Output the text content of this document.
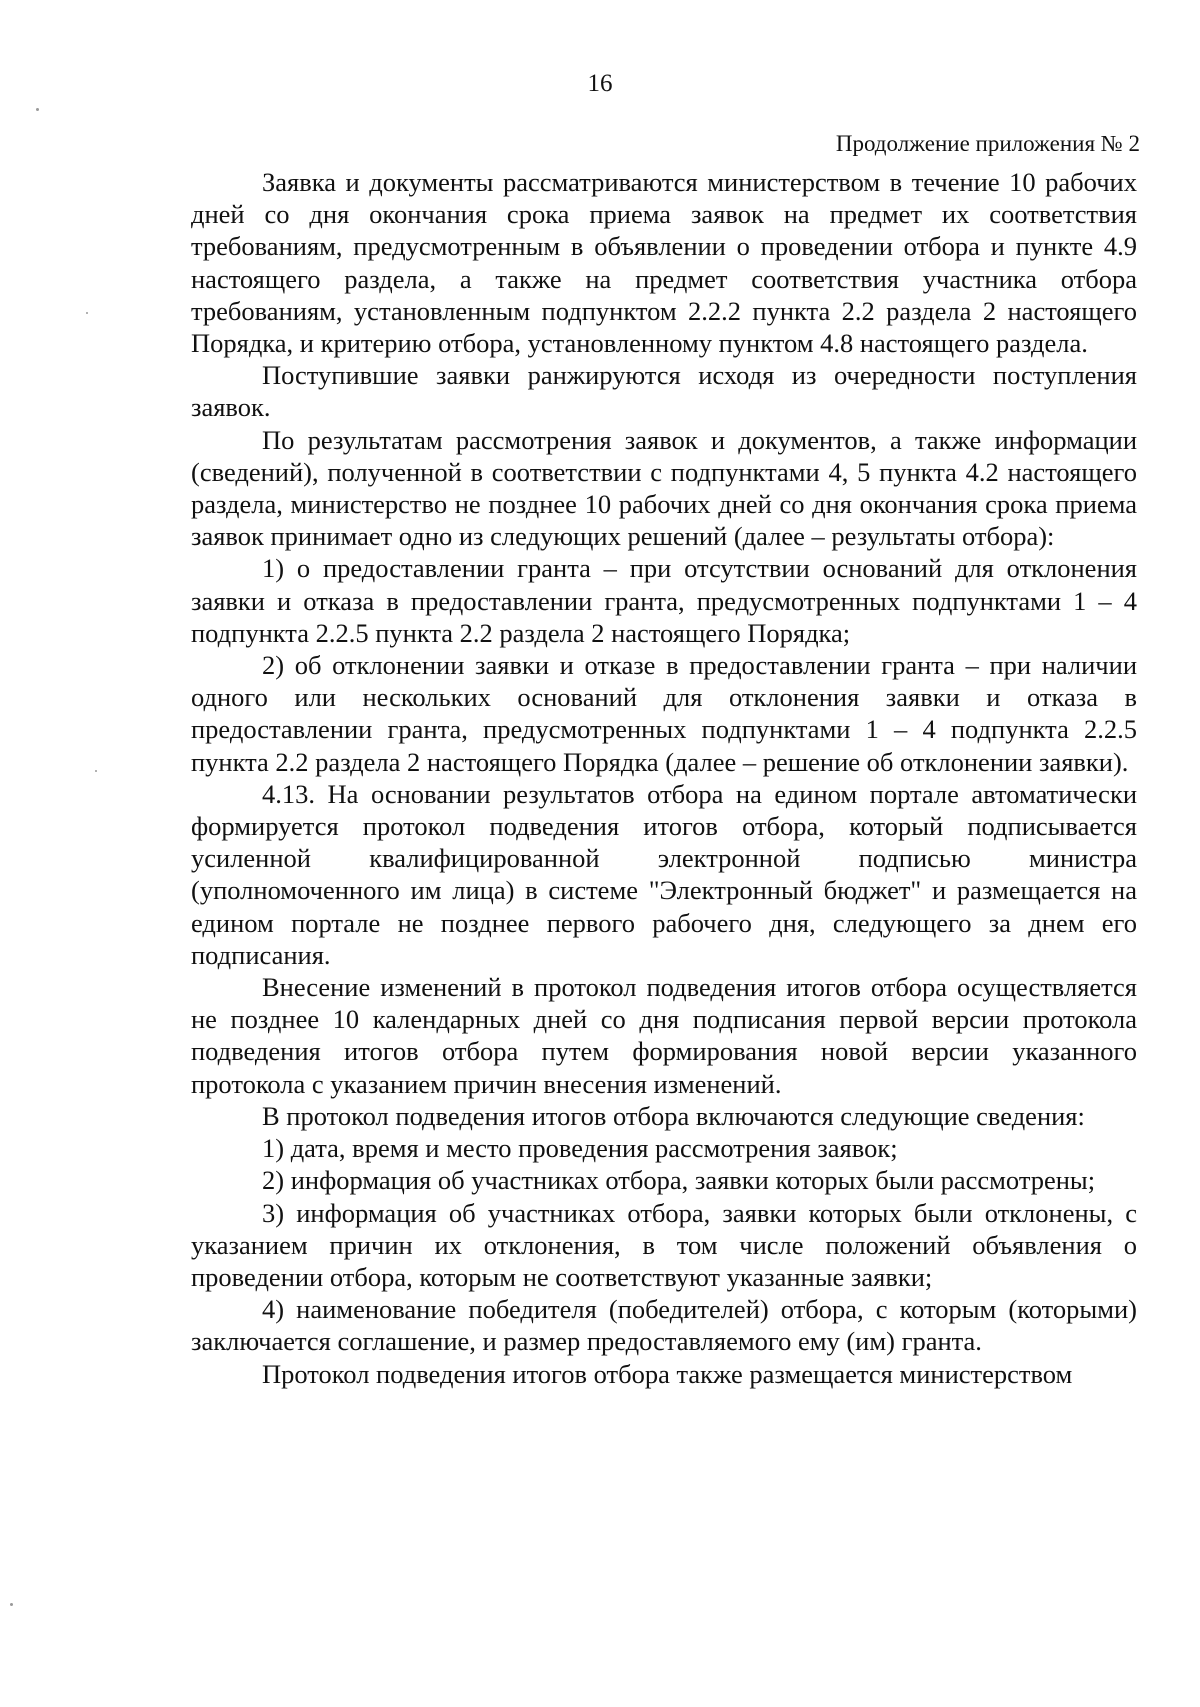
16
Продолжение приложения № 2

Заявка и документы рассматриваются министерством в течение 10 рабочих дней со дня окончания срока приема заявок на предмет их соответствия требованиям, предусмотренным в объявлении о проведении отбора и пункте 4.9 настоящего раздела, а также на предмет соответствия участника отбора требованиям, установленным подпунктом 2.2.2 пункта 2.2 раздела 2 настоящего Порядка, и критерию отбора, установленному пунктом 4.8 настоящего раздела.

Поступившие заявки ранжируются исходя из очередности поступления заявок.

По результатам рассмотрения заявок и документов, а также информации (сведений), полученной в соответствии с подпунктами 4, 5 пункта 4.2 настоящего раздела, министерство не позднее 10 рабочих дней со дня окончания срока приема заявок принимает одно из следующих решений (далее – результаты отбора):

1) о предоставлении гранта – при отсутствии оснований для отклонения заявки и отказа в предоставлении гранта, предусмотренных подпунктами 1 – 4 подпункта 2.2.5 пункта 2.2 раздела 2 настоящего Порядка;

2) об отклонении заявки и отказе в предоставлении гранта – при наличии одного или нескольких оснований для отклонения заявки и отказа в предоставлении гранта, предусмотренных подпунктами 1 – 4 подпункта 2.2.5 пункта 2.2 раздела 2 настоящего Порядка (далее – решение об отклонении заявки).

4.13. На основании результатов отбора на едином портале автоматически формируется протокол подведения итогов отбора, который подписывается усиленной квалифицированной электронной подписью министра (уполномоченного им лица) в системе "Электронный бюджет" и размещается на едином портале не позднее первого рабочего дня, следующего за днем его подписания.

Внесение изменений в протокол подведения итогов отбора осуществляется не позднее 10 календарных дней со дня подписания первой версии протокола подведения итогов отбора путем формирования новой версии указанного протокола с указанием причин внесения изменений.

В протокол подведения итогов отбора включаются следующие сведения:

1) дата, время и место проведения рассмотрения заявок;

2) информация об участниках отбора, заявки которых были рассмотрены;

3) информация об участниках отбора, заявки которых были отклонены, с указанием причин их отклонения, в том числе положений объявления о проведении отбора, которым не соответствуют указанные заявки;

4) наименование победителя (победителей) отбора, с которым (которыми) заключается соглашение, и размер предоставляемого ему (им) гранта.

Протокол подведения итогов отбора также размещается министерством
